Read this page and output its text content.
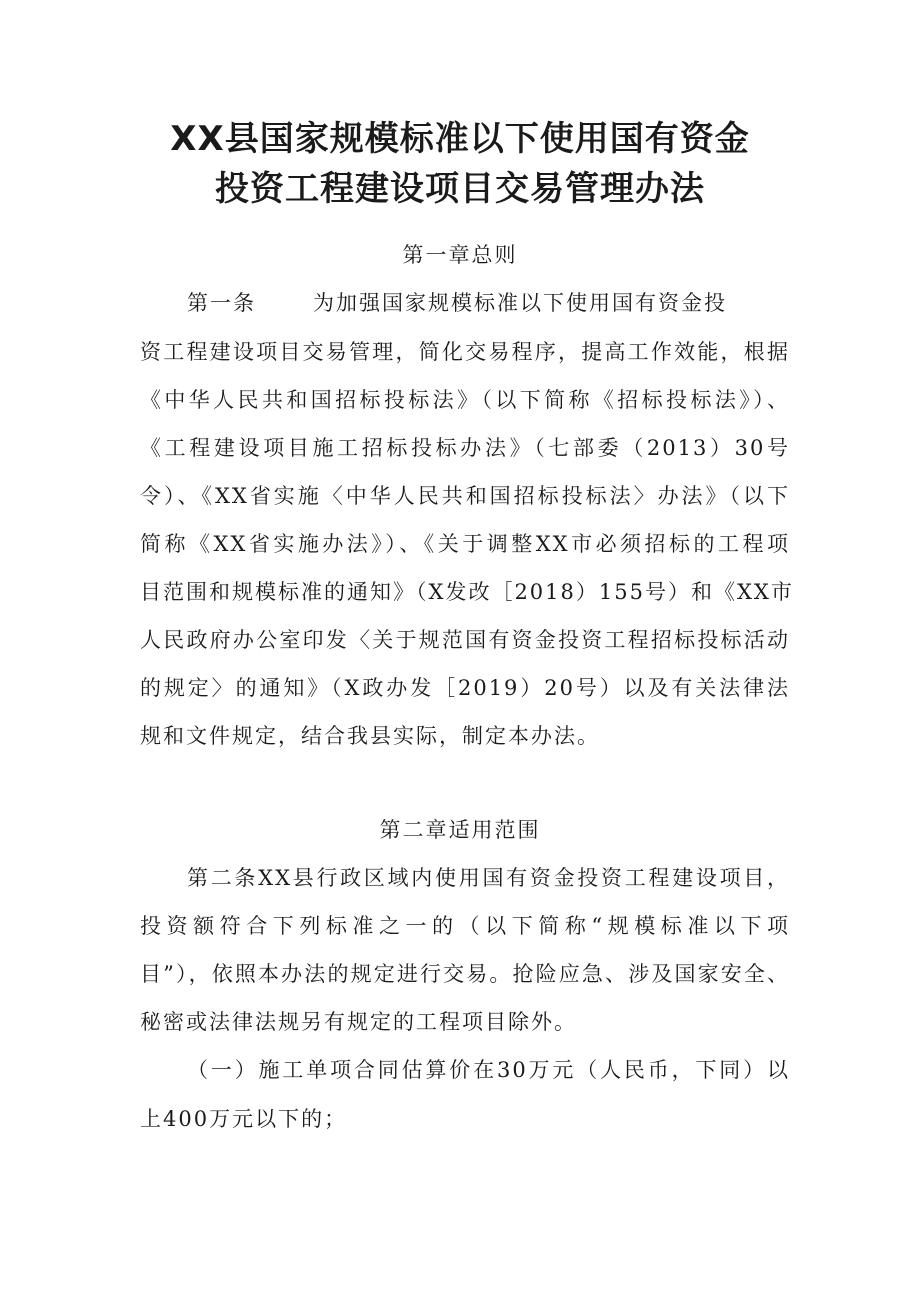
XX县国家规模标准以下使用国有资金
投资工程建设项目交易管理办法
第一章总则
第一条	为加强国家规模标准以下使用国有资金投
资工程建设项目交易管理，简化交易程序，提高工作效能，根据
《中华人民共和国招标投标法》（以下简称《招标投标法》）、
《工程建设项目施工招标投标办法》（七部委（2013）30号
令）、《XX省实施〈中华人民共和国招标投标法〉办法》（以下
简称《XX省实施办法》）、《关于调整XX市必须招标的工程项
目范围和规模标准的通知》（X发改［2018）155号）和《XX市
人民政府办公室印发〈关于规范国有资金投资工程招标投标活动
的规定〉的通知》（X政办发［2019）20号）以及有关法律法
规和文件规定，结合我县实际，制定本办法。
第二章适用范围
第二条XX县行政区域内使用国有资金投资工程建设项目，
投资额符合下列标准之一的（以下简称“规模标准以下项
目”），依照本办法的规定进行交易。抢险应急、涉及国家安全、
秘密或法律法规另有规定的工程项目除外。
（一）施工单项合同估算价在30万元（人民币，下同）以
上400万元以下的；
